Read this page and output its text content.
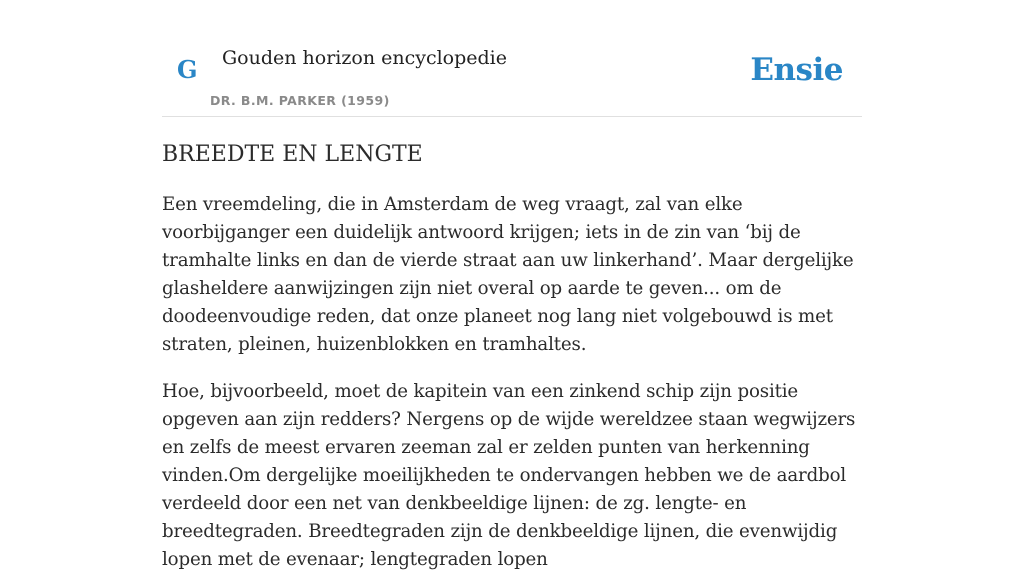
G Gouden horizon encyclopedie
DR. B.M. PARKER (1959)
Ensie
BREEDTE EN LENGTE

Een vreemdeling, die in Amsterdam de weg vraagt, zal van elke voorbijganger een duidelijk antwoord krijgen; iets in de zin van ‘bij de tramhalte links en dan de vierde straat aan uw linkerhand’. Maar dergelijke glasheldere aanwijzingen zijn niet overal op aarde te geven... om de doodeenvoudige reden, dat onze planeet nog lang niet volgebouwd is met straten, pleinen, huizenblokken en tramhaltes.

Hoe, bijvoorbeeld, moet de kapitein van een zinkend schip zijn positie opgeven aan zijn redders? Nergens op de wijde wereldzee staan wegwijzers en zelfs de meest ervaren zeeman zal er zelden punten van herkenning vinden.Om dergelijke moeilijkheden te ondervangen hebben we de aardbol verdeeld door een net van denkbeeldige lijnen: de zg. lengte- en breedtegraden. Breedtegraden zijn de denkbeeldige lijnen, die evenwijdig lopen met de evenaar; lengtegraden lopen
